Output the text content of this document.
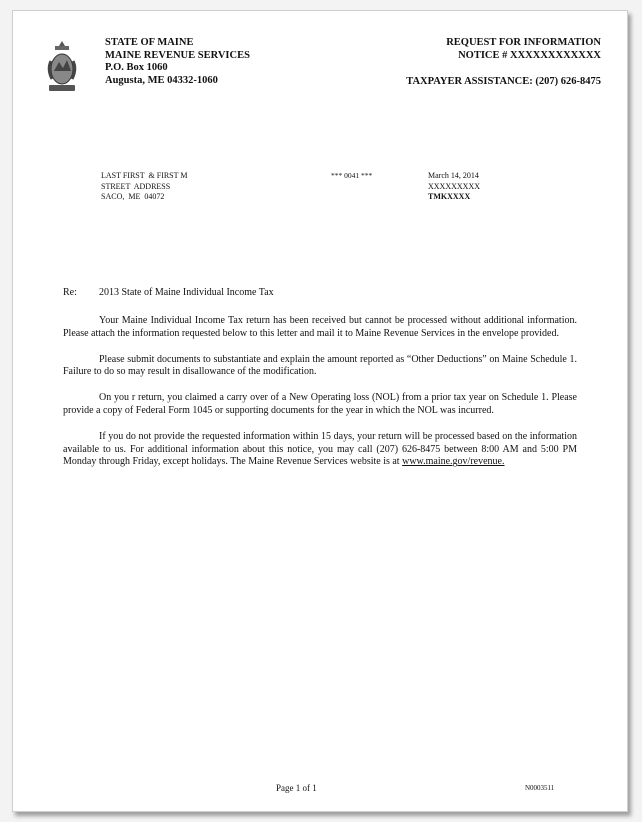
STATE OF MAINE
MAINE REVENUE SERVICES
P.O. Box 1060
Augusta, ME 04332-1060
REQUEST FOR INFORMATION
NOTICE # XXXXXXXXXXXX
TAXPAYER ASSISTANCE: (207) 626-8475
LAST FIRST  & FIRST M
STREET  ADDRESS
SACO,  ME  04072
*** 0041 ***	March 14, 2014
XXXXXXXXX
TMKXXXX
Re: 2013 State of Maine Individual Income Tax

Your Maine Individual Income Tax return has been received but cannot be processed without additional information. Please attach the information requested below to this letter and mail it to Maine Revenue Services in the envelope provided.

Please submit documents to substantiate and explain the amount reported as “Other Deductions” on Maine Schedule 1. Failure to do so may result in disallowance of the modification.

On you r return, you claimed a carry over of a New Operating loss (NOL) from a prior tax year on Schedule 1. Please provide a copy of Federal Form 1045 or supporting documents for the year in which the NOL was incurred.

If you do not provide the requested information within 15 days, your return will be processed based on the information available to us. For additional information about this notice, you may call (207) 626-8475 between 8:00 AM and 5:00 PM Monday through Friday, except holidays. The Maine Revenue Services website is at www.maine.gov/revenue.

Page 1 of 1	N0003511
